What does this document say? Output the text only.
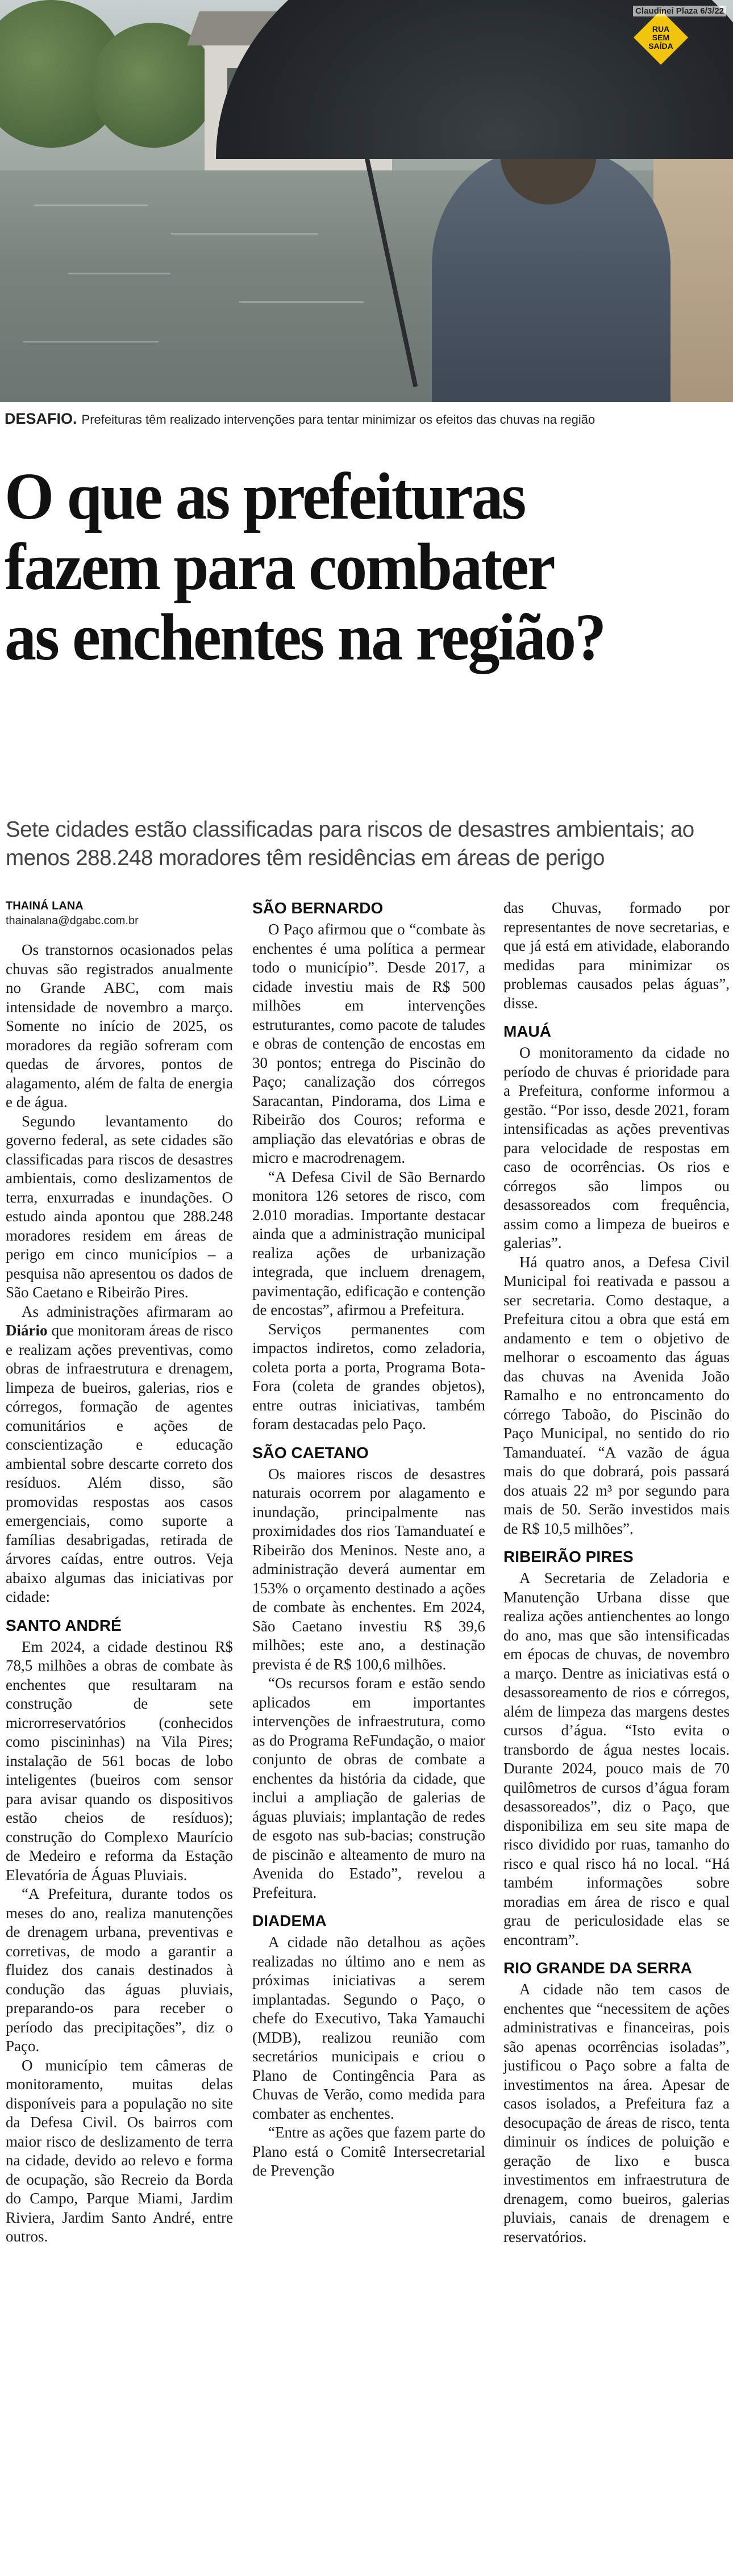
RUA
SEM
SAÍDA
Claudinei Plaza 6/3/22
DESAFIO. Prefeituras têm realizado intervenções para tentar minimizar os efeitos das chuvas na região
O que as prefeituras
fazem para combater
as enchentes na região?
Sete cidades estão classificadas para riscos de desastres ambientais; ao menos 288.248 moradores têm residências em áreas de perigo
THAINÁ LANA
thainalana@dgabc.com.br

Os transtornos ocasionados pelas chuvas são registrados anualmente no Grande ABC, com mais intensidade de novembro a março. Somente no início de 2025, os moradores da região sofreram com quedas de árvores, pontos de alagamento, além de falta de energia e de água.

Segundo levantamento do governo federal, as sete cidades são classificadas para riscos de desastres ambientais, como deslizamentos de terra, enxurradas e inundações. O estudo ainda apontou que 288.248 moradores residem em áreas de perigo em cinco municípios – a pesquisa não apresentou os dados de São Caetano e Ribeirão Pires.

As administrações afirmaram ao Diário que monitoram áreas de risco e realizam ações preventivas, como obras de infraestrutura e drenagem, limpeza de bueiros, galerias, rios e córregos, formação de agentes comunitários e ações de conscientização e educação ambiental sobre descarte correto dos resíduos. Além disso, são promovidas respostas aos casos emergenciais, como suporte a famílias desabrigadas, retirada de árvores caídas, entre outros. Veja abaixo algumas das iniciativas por cidade:

SANTO ANDRÉ

Em 2024, a cidade destinou R$ 78,5 milhões a obras de combate às enchentes que resultaram na construção de sete microrreservatórios (conhecidos como piscininhas) na Vila Pires; instalação de 561 bocas de lobo inteligentes (bueiros com sensor para avisar quando os dispositivos estão cheios de resíduos); construção do Complexo Maurício de Medeiro e reforma da Estação Elevatória de Águas Pluviais.

“A Prefeitura, durante todos os meses do ano, realiza manutenções de drenagem urbana, preventivas e corretivas, de modo a garantir a fluidez dos canais destinados à condução das águas pluviais, preparando-os para receber o período das precipitações”, diz o Paço.

O município tem câmeras de monitoramento, muitas delas disponíveis para a população no site da Defesa Civil. Os bairros com maior risco de deslizamento de terra na cidade, devido ao relevo e forma de ocupação, são Recreio da Borda do Campo, Parque Miami, Jardim Riviera, Jardim Santo André, entre outros.

SÃO BERNARDO

O Paço afirmou que o “combate às enchentes é uma política a permear todo o município”. Desde 2017, a cidade investiu mais de R$ 500 milhões em intervenções estruturantes, como pacote de taludes e obras de contenção de encostas em 30 pontos; entrega do Piscinão do Paço; canalização dos córregos Saracantan, Pindorama, dos Lima e Ribeirão dos Couros; reforma e ampliação das elevatórias e obras de micro e macrodrenagem.

“A Defesa Civil de São Bernardo monitora 126 setores de risco, com 2.010 moradias. Importante destacar ainda que a administração municipal realiza ações de urbanização integrada, que incluem drenagem, pavimentação, edificação e contenção de encostas”, afirmou a Prefeitura.

Serviços permanentes com impactos indiretos, como zeladoria, coleta porta a porta, Programa Bota-Fora (coleta de grandes objetos), entre outras iniciativas, também foram destacadas pelo Paço.

SÃO CAETANO

Os maiores riscos de desastres naturais ocorrem por alagamento e inundação, principalmente nas proximidades dos rios Tamanduateí e Ribeirão dos Meninos. Neste ano, a administração deverá aumentar em 153% o orçamento destinado a ações de combate às enchentes. Em 2024, São Caetano investiu R$ 39,6 milhões; este ano, a destinação prevista é de R$ 100,6 milhões.

“Os recursos foram e estão sendo aplicados em importantes intervenções de infraestrutura, como as do Programa ReFundação, o maior conjunto de obras de combate a enchentes da história da cidade, que inclui a ampliação de galerias de águas pluviais; implantação de redes de esgoto nas sub-bacias; construção de piscinão e alteamento de muro na Avenida do Estado”, revelou a Prefeitura.

DIADEMA

A cidade não detalhou as ações realizadas no último ano e nem as próximas iniciativas a serem implantadas. Segundo o Paço, o chefe do Executivo, Taka Yamauchi (MDB), realizou reunião com secretários municipais e criou o Plano de Contingência Para as Chuvas de Verão, como medida para combater as enchentes.

“Entre as ações que fazem parte do Plano está o Comitê Intersecretarial de Prevenção

das Chuvas, formado por representantes de nove secretarias, e que já está em atividade, elaborando medidas para minimizar os problemas causados pelas águas”, disse.

MAUÁ

O monitoramento da cidade no período de chuvas é prioridade para a Prefeitura, conforme informou a gestão. “Por isso, desde 2021, foram intensificadas as ações preventivas para velocidade de respostas em caso de ocorrências. Os rios e córregos são limpos ou desassoreados com frequência, assim como a limpeza de bueiros e galerias”.

Há quatro anos, a Defesa Civil Municipal foi reativada e passou a ser secretaria. Como destaque, a Prefeitura citou a obra que está em andamento e tem o objetivo de melhorar o escoamento das águas das chuvas na Avenida João Ramalho e no entroncamento do córrego Taboão, do Piscinão do Paço Municipal, no sentido do rio Tamanduateí. “A vazão de água mais do que dobrará, pois passará dos atuais 22 m³ por segundo para mais de 50. Serão investidos mais de R$ 10,5 milhões”.

RIBEIRÃO PIRES

A Secretaria de Zeladoria e Manutenção Urbana disse que realiza ações antienchentes ao longo do ano, mas que são intensificadas em épocas de chuvas, de novembro a março. Dentre as iniciativas está o desassoreamento de rios e córregos, além de limpeza das margens destes cursos d’água. “Isto evita o transbordo de água nestes locais. Durante 2024, pouco mais de 70 quilômetros de cursos d’água foram desassoreados”, diz o Paço, que disponibiliza em seu site mapa de risco dividido por ruas, tamanho do risco e qual risco há no local. “Há também informações sobre moradias em área de risco e qual grau de periculosidade elas se encontram”.

RIO GRANDE DA SERRA

A cidade não tem casos de enchentes que “necessitem de ações administrativas e financeiras, pois são apenas ocorrências isoladas”, justificou o Paço sobre a falta de investimentos na área. Apesar de casos isolados, a Prefeitura faz a desocupação de áreas de risco, tenta diminuir os índices de poluição e geração de lixo e busca investimentos em infraestrutura de drenagem, como bueiros, galerias pluviais, canais de drenagem e reservatórios.
